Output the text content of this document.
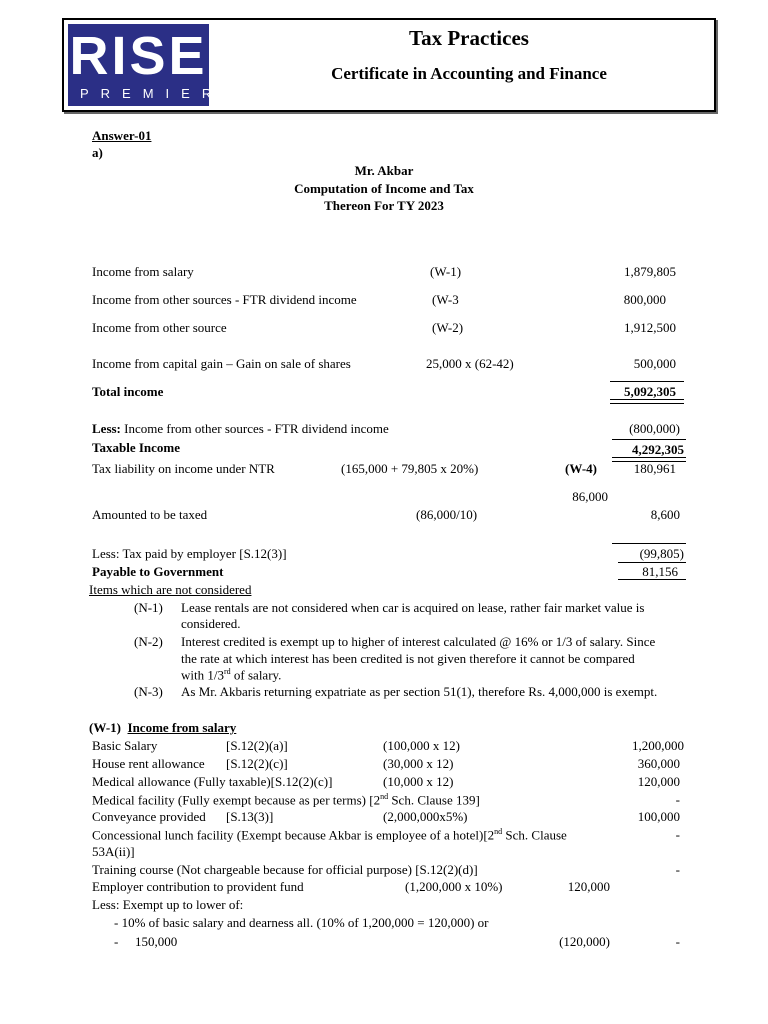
RISE
PREMIER
Tax Practices
Certificate in Accounting and Finance
Answer-01
a)
Mr. Akbar
Computation of Income and Tax
Thereon For TY 2023
Income from salary	(W-1)	1,879,805
Income from other sources - FTR dividend income	(W-3	800,000
Income from other source	(W-2)	1,912,500
Income from capital gain – Gain on sale of shares	25,000 x (62-42)	500,000
Total income	5,092,305
Less: Income from other sources - FTR dividend income	(800,000)
Taxable Income	4,292,305
Tax liability on income under NTR	(165,000 + 79,805 x 20%)	(W-4)	180,961
86,000
Amounted to be taxed	(86,000/10)	8,600
Less: Tax paid by employer [S.12(3)]	(99,805)
Payable to Government	81,156
Items which are not considered
(N-1) Lease rentals are not considered when car is acquired on lease, rather fair market value is
considered.
(N-2) Interest credited is exempt up to higher of interest calculated @ 16% or 1/3 of salary. Since
the rate at which interest has been credited is not given therefore it cannot be compared
with 1/3rd of salary.
(N-3) As Mr. Akbaris returning expatriate as per section 51(1), therefore Rs. 4,000,000 is exempt.
(W-1) Income from salary
Basic Salary	[S.12(2)(a)]	(100,000 x 12)	1,200,000
House rent allowance [S.12(2)(c)]	(30,000 x 12)	360,000
Medical allowance (Fully taxable)[S.12(2)(c)]	(10,000 x 12)	120,000
Medical facility (Fully exempt because as per terms) [2nd Sch. Clause 139]	-
Conveyance provided [S.13(3)]	(2,000,000x5%)	100,000
Concessional lunch facility (Exempt because Akbar is employee of a hotel)[2nd Sch. Clause	-
53A(ii)]
Training course (Not chargeable because for official purpose) [S.12(2)(d)]	-
Employer contribution to provident fund	(1,200,000 x 10%)	120,000
Less: Exempt up to lower of:
- 10% of basic salary and dearness all. (10% of 1,200,000 = 120,000) or
- 150,000	(120,000)	-
